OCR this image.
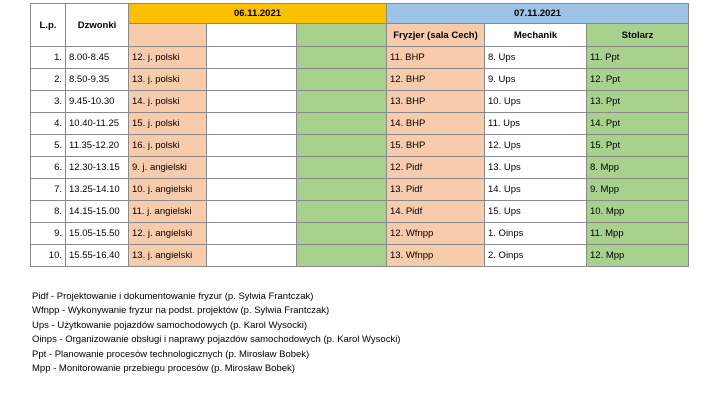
L.p.	Dzwonki	06.11.2021			07.11.2021		
					Fryzjer (sala Cech)	Mechanik	Stolarz
1.	8.00-8.45	12. j. polski			11. BHP	8. Ups	11. Ppt
2.	8.50-9.35	13. j. polski			12. BHP	9. Ups	12. Ppt
3.	9.45-10.30	14. j. polski			13. BHP	10. Ups	13. Ppt
4.	10.40-11.25	15. j. polski			14. BHP	11. Ups	14. Ppt
5.	11.35-12.20	16. j. polski			15. BHP	12. Ups	15. Ppt
6.	12.30-13.15	9. j. angielski			12. Pidf	13. Ups	8. Mpp
7.	13.25-14.10	10. j. angielski			13. Pidf	14. Ups	9. Mpp
8.	14.15-15.00	11. j. angielski			14. Pidf	15. Ups	10. Mpp
9.	15.05-15.50	12. j. angielski			12. Wfnpp	1. Oinps	11. Mpp
10.	15.55-16.40	13. j. angielski			13. Wfnpp	2. Oinps	12. Mpp
Pidf - Projektowanie i dokumentowanie fryzur (p. Sylwia Frantczak)
Wfnpp - Wykonywanie fryzur na podst. projektów (p. Sylwia Frantczak)
Ups - Użytkowanie pojazdów samochodowych (p. Karol Wysocki)
Oinps - Organizowanie obsługi i naprawy pojazdów samochodowych (p. Karol Wysocki)
Ppt - Planowanie procesów technologicznych (p. Mirosław Bobek)
Mpp - Monitorowanie przebiegu procesów (p. Mirosław Bobek)
